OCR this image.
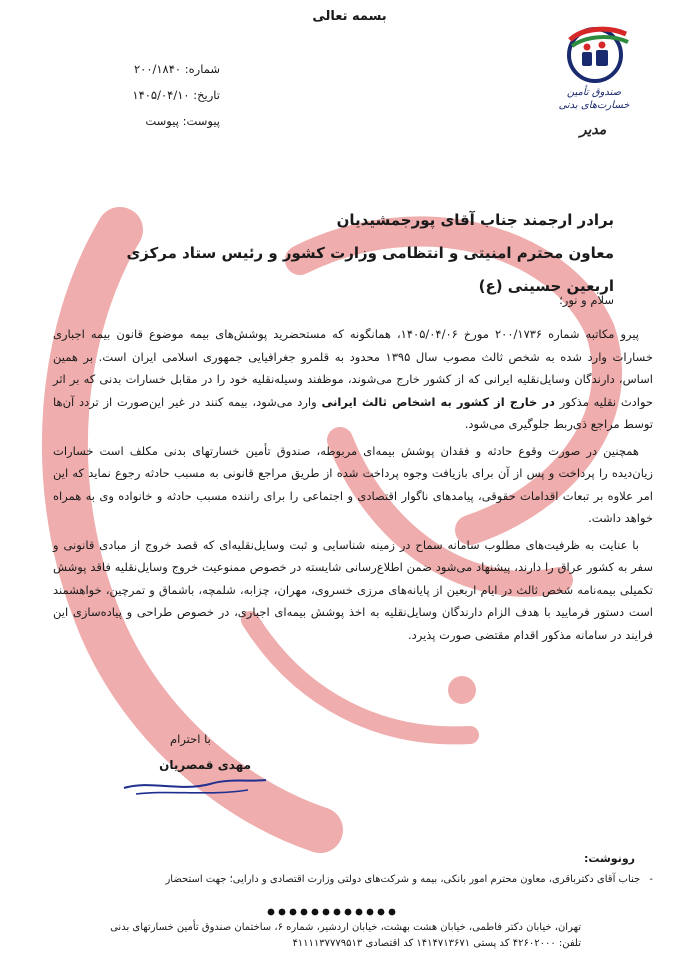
بسمه تعالی
صندوق تأمین خسارت‌های بدنی
مدیر
شماره: ۲۰۰/۱۸۴۰
تاریخ: ۱۴۰۵/۰۴/۱۰
پیوست: پیوست
برادر ارجمند جناب آقای پورجمشیدیان
معاون محترم امنیتی و انتظامی وزارت کشور و رئیس ستاد مرکزی اربعین حسینی (ع)
سلام و نور؛

پیرو مکاتبه شماره ۲۰۰/۱۷۳۶ مورخ ۱۴۰۵/۰۴/۰۶، همانگونه که مستحضرید پوشش‌های بیمه موضوع قانون بیمه اجباری خسارات وارد شده به شخص ثالث مصوب سال ۱۳۹۵ محدود به قلمرو جغرافیایی جمهوری اسلامی ایران است. بر همین اساس، دارندگان وسایل‌نقلیه ایرانی که از کشور خارج می‌شوند، موظفند وسیله‌نقلیه خود را در مقابل خسارات بدنی که بر اثر حوادث نقلیه مذکور در خارج از کشور به اشخاص ثالث ایرانی وارد می‌شود، بیمه کنند در غیر این‌صورت از تردد آن‌ها توسط مراجع ذی‌ربط جلوگیری می‌شود.

همچنین در صورت وقوع حادثه و فقدان پوشش بیمه‌ای مربوطه، صندوق تأمین خسارتهای بدنی مکلف است خسارات زیان‌دیده را پرداخت و پس از آن برای بازیافت وجوه پرداخت شده از طریق مراجع قانونی به مسبب حادثه رجوع نماید که این امر علاوه بر تبعات اقدامات حقوقی، پیامدهای ناگوار اقتصادی و اجتماعی را برای راننده مسبب حادثه و خانواده وی به همراه خواهد داشت.

با عنایت به ظرفیت‌های مطلوب سامانه سماح در زمینه شناسایی و ثبت وسایل‌نقلیه‌ای که قصد خروج از مبادی قانونی و سفر به کشور عراق را دارند، پیشنهاد می‌شود ضمن اطلاع‌رسانی شایسته در خصوص ممنوعیت خروج وسایل‌نقلیه فاقد پوشش تکمیلی بیمه‌نامه شخص ثالث در ایام اربعین از پایانه‌های مرزی خسروی، مهران، چزابه، شلمچه، باشماق و تمرچین، خواهشمند است دستور فرمایید با هدف الزام دارندگان وسایل‌نقلیه به اخذ پوشش بیمه‌ای اجباری، در خصوص طراحی و پیاده‌سازی این فرایند در سامانه مذکور اقدام مقتضی صورت پذیرد.

با احترام
مهدی قمصریان
رونوشت:
- جناب آقای دکترباقری، معاون محترم امور بانکی، بیمه و شرکت‌های دولتی وزارت اقتصادی و دارایی؛ جهت استحضار
تهران، خیابان دکتر فاطمی، خیابان هشت بهشت، خیابان اردشیر، شماره ۶، ساختمان صندوق تأمین خسارتهای بدنی
تلفن: ۴۲۶۰۲۰۰۰ کد پستی ۱۴۱۴۷۱۳۶۷۱ کد اقتصادی ۴۱۱۱۱۳۷۷۷۹۵۱۳
